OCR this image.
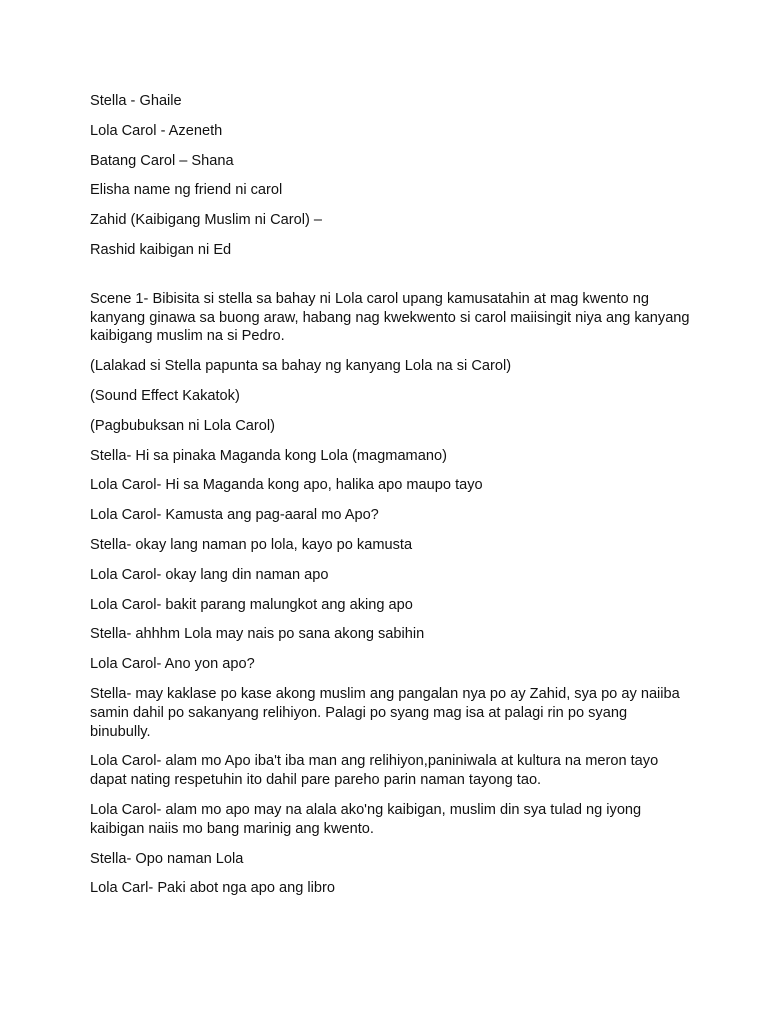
Stella - Ghaile

Lola Carol - Azeneth

Batang Carol – Shana

Elisha name ng friend ni carol

Zahid (Kaibigang Muslim ni Carol) –

Rashid kaibigan ni Ed

Scene 1- Bibisita si stella sa bahay ni Lola carol upang kamusatahin at mag kwento ng kanyang ginawa sa buong araw, habang nag kwekwento si carol maiisingit niya ang kanyang kaibigang muslim na si Pedro.

(Lalakad si Stella papunta sa bahay ng kanyang Lola na si Carol)

(Sound Effect Kakatok)

(Pagbubuksan ni Lola Carol)

Stella- Hi sa pinaka Maganda kong Lola (magmamano)

Lola Carol- Hi sa Maganda kong apo, halika apo maupo tayo

Lola Carol- Kamusta ang pag-aaral mo Apo?

Stella- okay lang naman po lola, kayo po kamusta

Lola Carol- okay lang din naman apo

Lola Carol- bakit parang malungkot ang aking apo

Stella- ahhhm Lola may nais po sana akong sabihin

Lola Carol- Ano yon apo?

Stella- may kaklase po kase akong muslim ang pangalan nya po ay Zahid, sya po ay naiiba samin dahil po sakanyang relihiyon. Palagi po syang mag isa at palagi rin po syang binubully.

Lola Carol- alam mo Apo iba't iba man ang relihiyon,paniniwala at kultura na meron tayo dapat nating respetuhin ito dahil pare pareho parin naman tayong tao.

Lola Carol- alam mo apo may na alala ako'ng kaibigan, muslim din sya tulad ng iyong kaibigan naiis mo bang marinig ang kwento.

Stella- Opo naman Lola

Lola Carl- Paki abot nga apo ang libro
